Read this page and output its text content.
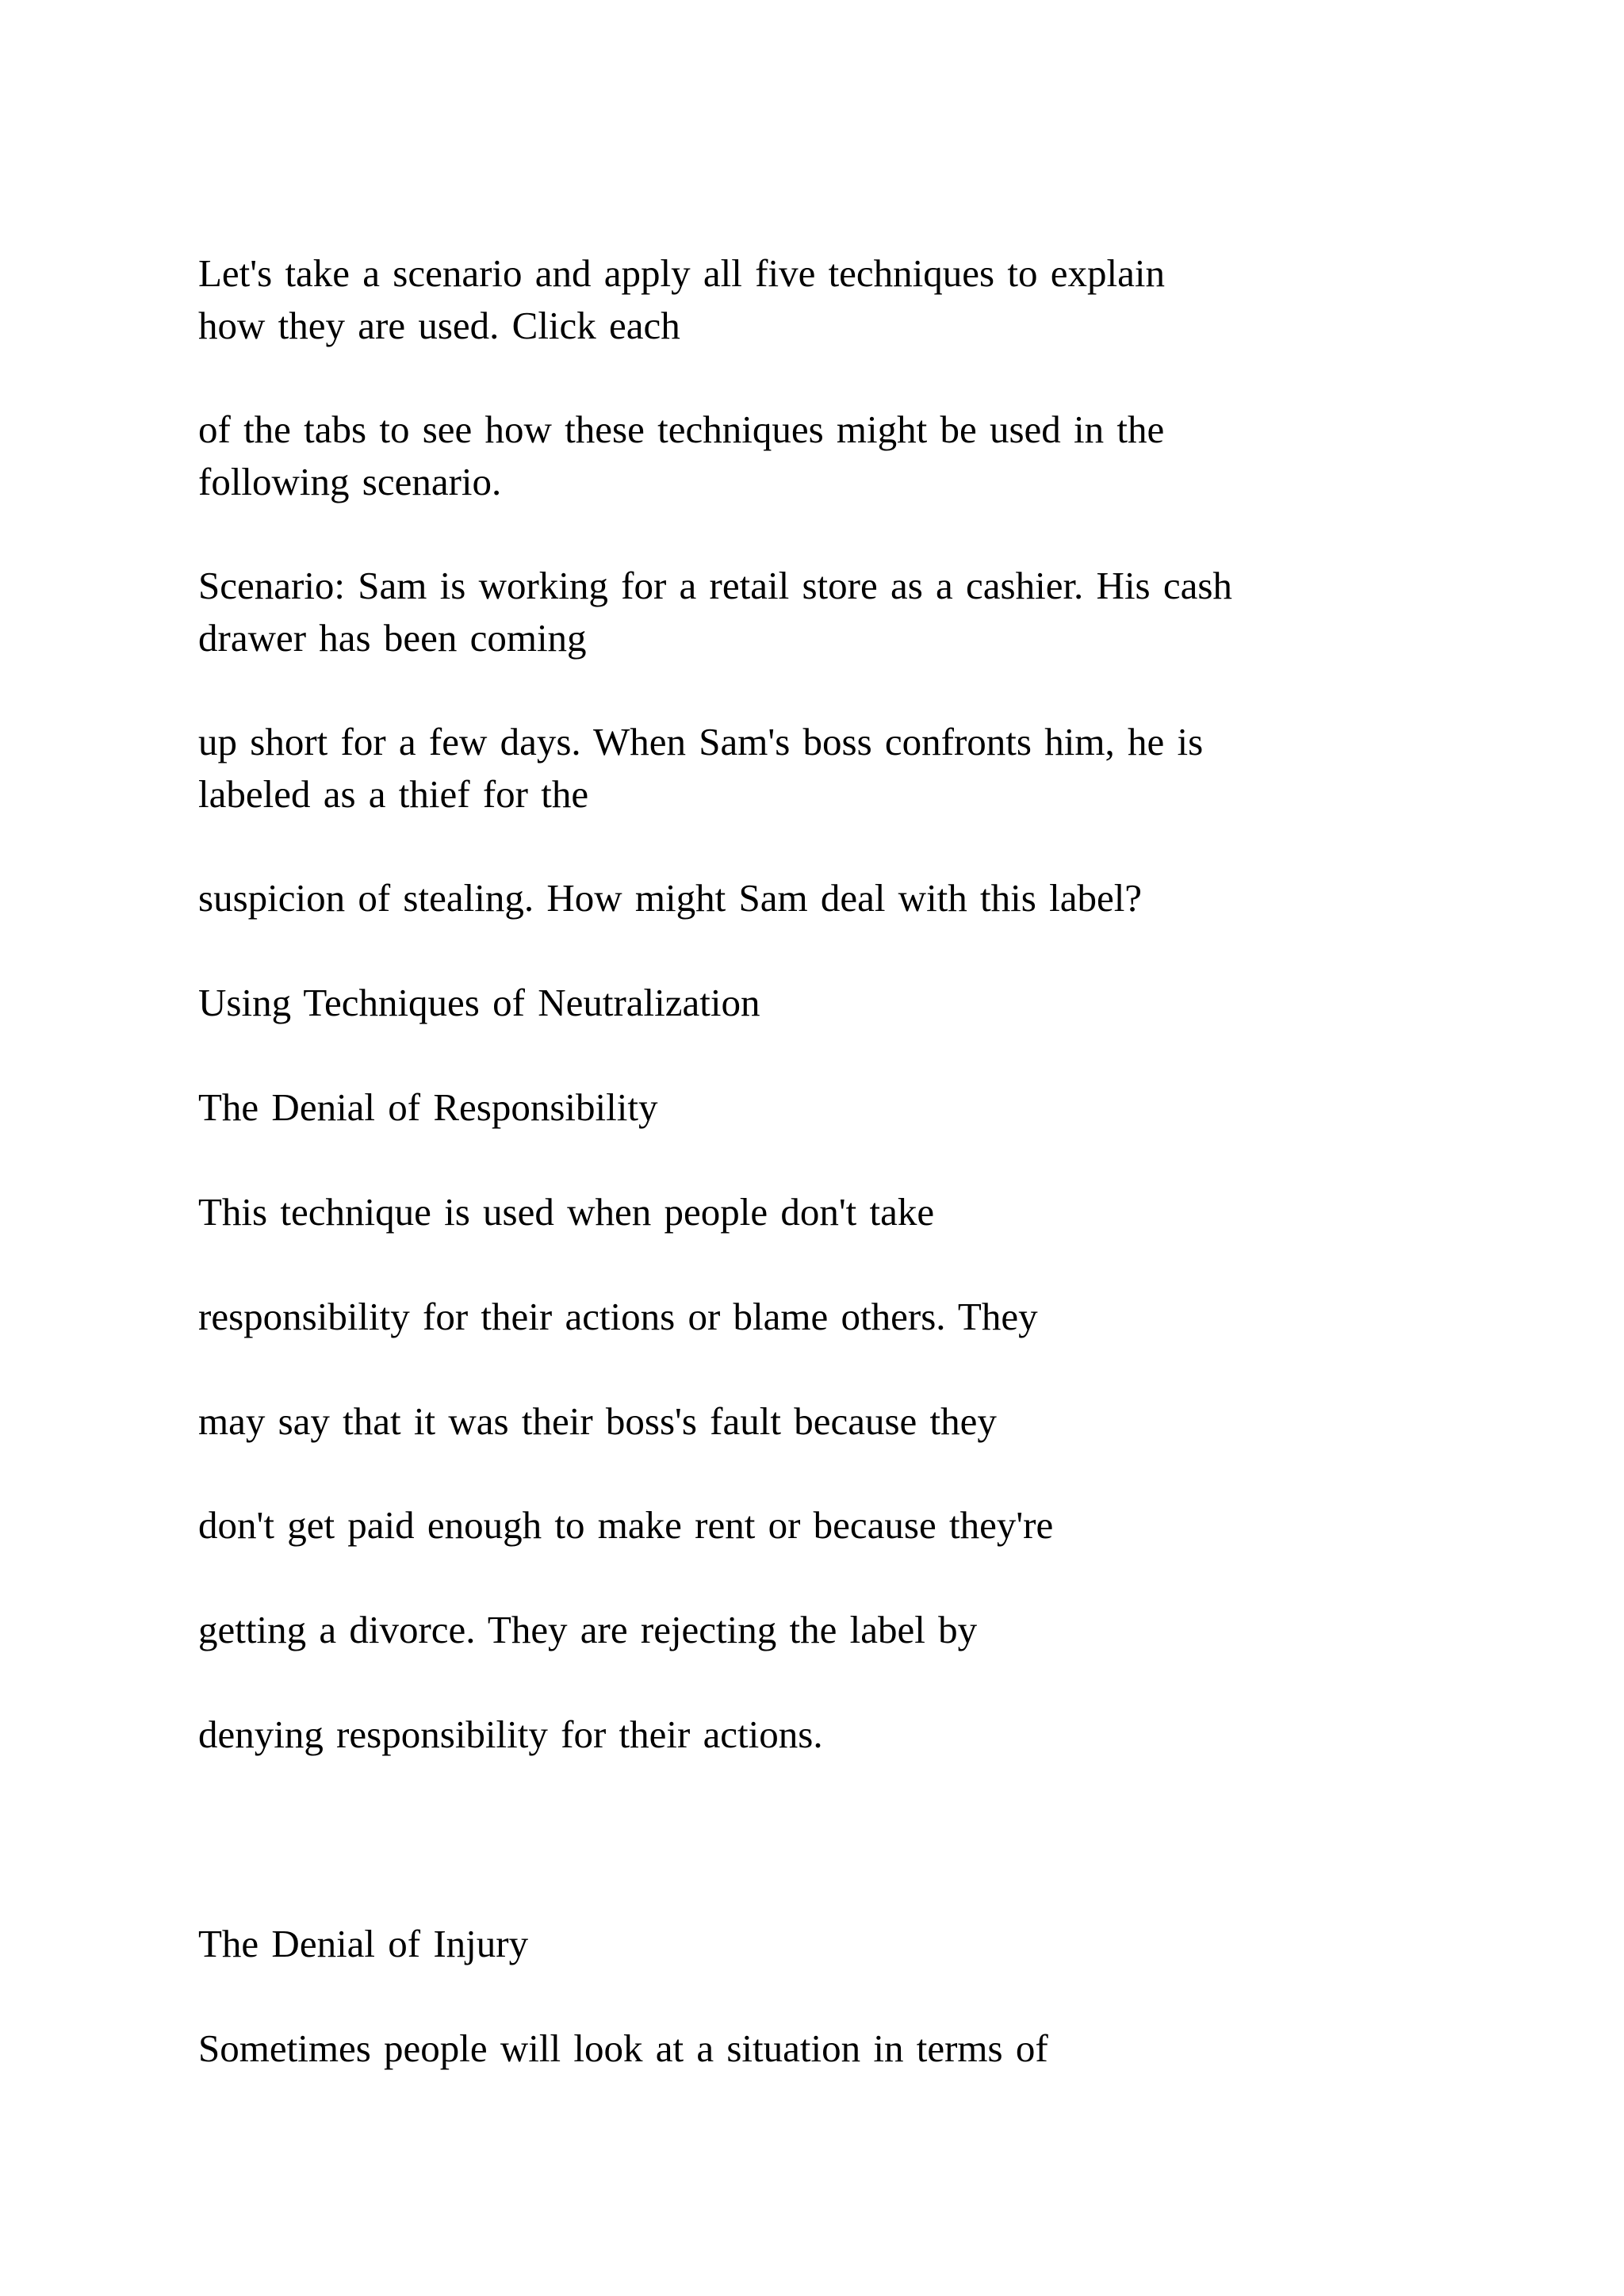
Let's take a scenario and apply all five techniques to explain

how they are used. Click each

of the tabs to see how these techniques might be used in the

following scenario.

Scenario: Sam is working for a retail store as a cashier. His cash

drawer has been coming

up short for a few days. When Sam's boss confronts him, he is

labeled as a thief for the

suspicion of stealing. How might Sam deal with this label?

Using Techniques of Neutralization

The Denial of Responsibility

This technique is used when people don't take

responsibility for their actions or blame others. They

may say that it was their boss's fault because they

don't get paid enough to make rent or because they're

getting a divorce. They are rejecting the label by

denying responsibility for their actions.

The Denial of Injury

Sometimes people will look at a situation in terms of
